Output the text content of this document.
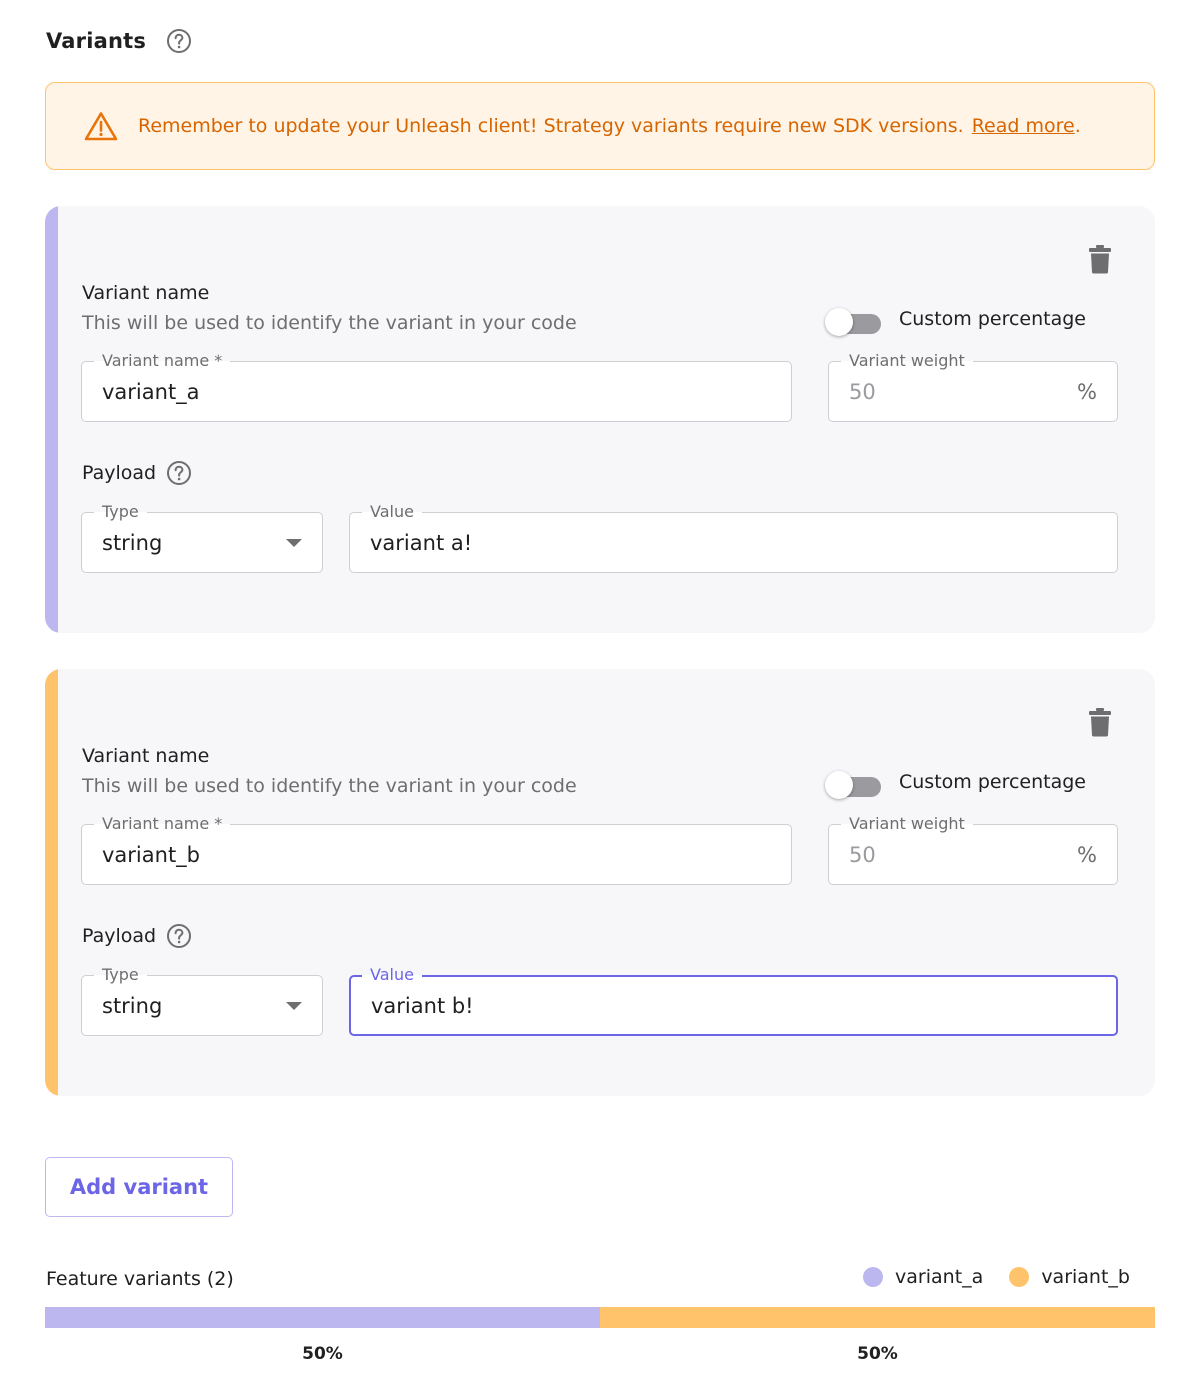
Variants
Remember to update your Unleash client! Strategy variants require new SDK versions. Read more .
Variant name
This will be used to identify the variant in your code	Custom percentage
Variant name *
variant_a
Variant weight
50	%
Payload
Type
string
Value
variant a!
Variant name
This will be used to identify the variant in your code	Custom percentage
Variant name *
variant_b
Variant weight
50	%
Payload
Type
string
Value
variant b!
Add variant
Feature variants (2)	variant_a	variant_b
50%	50%
